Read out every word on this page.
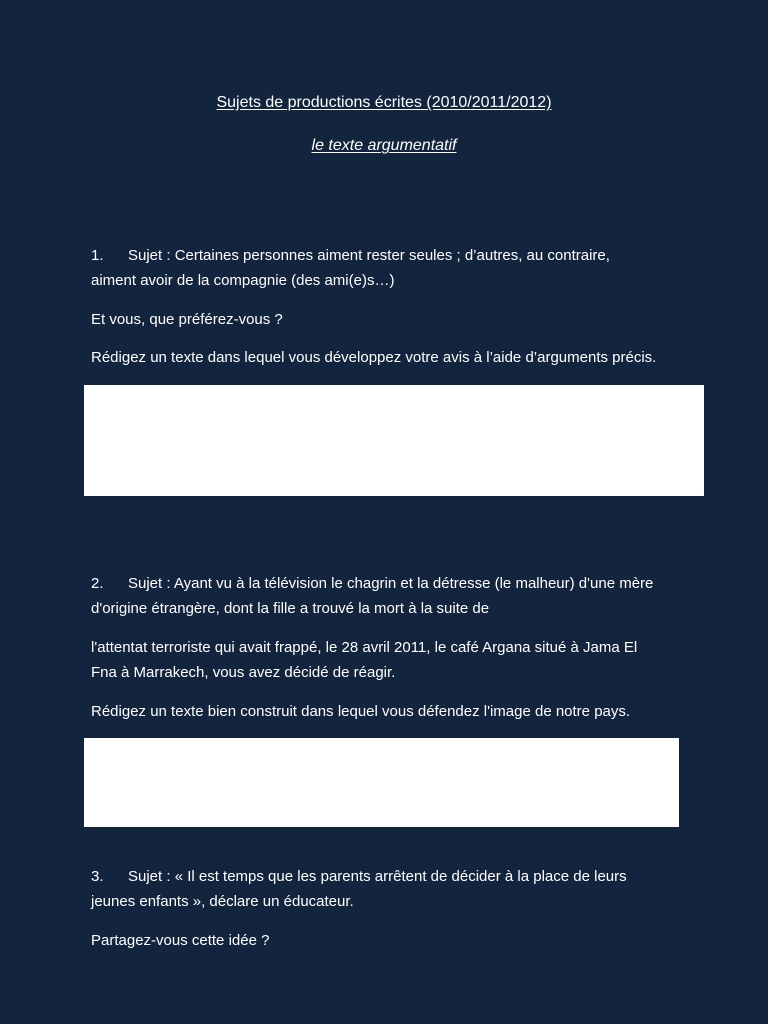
Sujets de productions écrites (2010/2011/2012)
le texte argumentatif
1. Sujet : Certaines personnes aiment rester seules ; d’autres, au contraire,
aiment avoir de la compagnie (des ami(e)s…)
Et vous, que préférez-vous ?
Rédigez un texte dans lequel vous développez votre avis à l’aide d’arguments précis.
2. Sujet : Ayant vu à la télévision le chagrin et la détresse (le malheur) d'une mère
d'origine étrangère, dont la fille a trouvé la mort à la suite de
l'attentat terroriste qui avait frappé, le 28 avril 2011, le café Argana situé à Jama El
Fna à Marrakech, vous avez décidé de réagir.
Rédigez un texte bien construit dans lequel vous défendez l'image de notre pays.
3. Sujet : « Il est temps que les parents arrêtent de décider à la place de leurs
jeunes enfants », déclare un éducateur.
Partagez-vous cette idée ?
